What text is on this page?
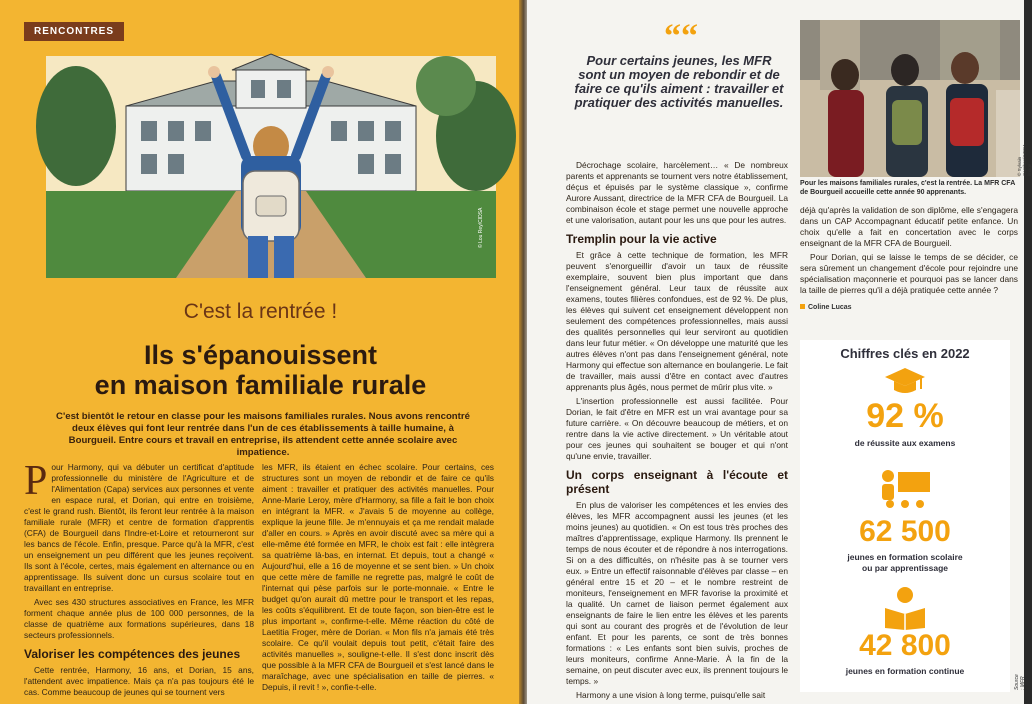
RENCONTRES
© Lou Rey/CIDSA
C'est la rentrée !
Ils s'épanouissent
en maison familiale rurale
C'est bientôt le retour en classe pour les maisons familiales rurales. Nous avons rencontré deux élèves qui font leur rentrée dans l'un de ces établissements à taille humaine, à Bourgueil. Entre cours et travail en entreprise, ils attendent cette année scolaire avec impatience.

Pour Harmony, qui va débuter un certificat d'aptitude professionnelle du ministère de l'Agriculture et de l'Alimentation (Capa) services aux personnes et vente en espace rural, et Dorian, qui entre en troisième, c'est le grand rush. Bientôt, ils feront leur rentrée à la maison familiale rurale (MFR) et centre de formation d'apprentis (CFA) de Bourgueil dans l'Indre-et-Loire et retourneront sur les bancs de l'école. Enfin, presque. Parce qu'à la MFR, c'est un enseignement un peu différent que les jeunes reçoivent. Ils sont à l'école, certes, mais également en alternance ou en apprentissage. Ils suivent donc un cursus scolaire tout en travaillant en entreprise.

Avec ses 430 structures associatives en France, les MFR forment chaque année plus de 100 000 personnes, de la classe de quatrième aux formations supérieures, dans 18 secteurs professionnels.

Valoriser les compétences des jeunes

Cette rentrée, Harmony, 16 ans, et Dorian, 15 ans, l'attendent avec impatience. Mais ça n'a pas toujours été le cas. Comme beaucoup de jeunes qui se tournent vers

les MFR, ils étaient en échec scolaire. Pour certains, ces structures sont un moyen de rebondir et de faire ce qu'ils aiment : travailler et pratiquer des activités manuelles. Pour Anne-Marie Leroy, mère d'Harmony, sa fille a fait le bon choix en intégrant la MFR. « J'avais 5 de moyenne au collège, explique la jeune fille. Je m'ennuyais et ça me rendait malade d'aller en cours. » Après en avoir discuté avec sa mère qui a elle-même été formée en MFR, le choix est fait : elle intègrera sa quatrième là-bas, en internat. Et depuis, tout a changé « Aujourd'hui, elle a 16 de moyenne et se sent bien. » Un choix que cette mère de famille ne regrette pas, malgré le coût de l'internat qui pèse parfois sur le porte-monnaie. « Entre le budget qu'on aurait dû mettre pour le transport et les repas, les coûts s'équilibrent. Et de toute façon, son bien-être est le plus important », confirme-t-elle. Même réaction du côté de Laetitia Froger, mère de Dorian. « Mon fils n'a jamais été très scolaire. Ce qu'il voulait depuis tout petit, c'était faire des activités manuelles », souligne-t-elle. Il s'est donc inscrit dès que possible à la MFR CFA de Bourgueil et s'est lancé dans le maraîchage, avec une spécialisation en taille de pierres. « Depuis, il revit ! », confie-t-elle.

““
Pour certains jeunes, les MFR sont un moyen de rebondir et de faire ce qu'ils aiment : travailler et pratiquer des activités manuelles.

Décrochage scolaire, harcèlement… « De nombreux parents et apprenants se tournent vers notre établissement, déçus et épuisés par le système classique », confirme Aurore Aussant, directrice de la MFR CFA de Bourgueil. La combinaison école et stage permet une nouvelle approche et une valorisation, autant pour les uns que pour les autres.

Tremplin pour la vie active

Et grâce à cette technique de formation, les MFR peuvent s'enorgueillir d'avoir un taux de réussite exemplaire, souvent bien plus important que dans l'enseignement général. Leur taux de réussite aux examens, toutes filières confondues, est de 92 %. De plus, les élèves qui suivent cet enseignement développent non seulement des compétences professionnelles, mais aussi des qualités personnelles qui leur serviront au quotidien dans leur futur métier. « On développe une maturité que les autres élèves n'ont pas dans l'enseignement général, note Harmony qui effectue son alternance en boulangerie. Le fait de travailler, mais aussi d'être en contact avec d'autres apprenants plus âgés, nous permet de mûrir plus vite. »

L'insertion professionnelle est aussi facilitée. Pour Dorian, le fait d'être en MFR est un vrai avantage pour sa future carrière. « On découvre beaucoup de métiers, et on rentre dans la vie active directement. » Un véritable atout pour ces jeunes qui souhaitent se bouger et qui n'ont qu'une envie, travailler.

Un corps enseignant à l'écoute et présent

En plus de valoriser les compétences et les envies des élèves, les MFR accompagnent aussi les jeunes (et les moins jeunes) au quotidien. « On est tous très proches des maîtres d'apprentissage, explique Harmony. Ils prennent le temps de nous écouter et de répondre à nos interrogations. Si on a des difficultés, on n'hésite pas à se tourner vers eux. » Entre un effectif raisonnable d'élèves par classe – en général entre 15 et 20 – et le nombre restreint de moniteurs, l'enseignement en MFR favorise la proximité et la qualité. Un carnet de liaison permet également aux enseignants de faire le lien entre les élèves et les parents qui sont au courant des progrès et de l'évolution de leur enfant. Et pour les parents, ce sont de très bonnes formations : « Les enfants sont bien suivis, proches de leurs moniteurs, confirme Anne-Marie. À la fin de la semaine, on peut discuter avec eux, ils prennent toujours le temps. »

Harmony a une vision à long terme, puisqu'elle sait

© Sylvain Cambon/CIDSA image
Pour les maisons familiales rurales, c'est la rentrée. La MFR CFA de Bourgueil accueille cette année 90 apprenants.

déjà qu'après la validation de son diplôme, elle s'engagera dans un CAP Accompagnant éducatif petite enfance. Un choix qu'elle a fait en concertation avec le corps enseignant de la MFR CFA de Bourgueil.

Pour Dorian, qui se laisse le temps de se décider, ce sera sûrement un changement d'école pour rejoindre une spécialisation maçonnerie et pourquoi pas se lancer dans la taille de pierres qu'il a déjà pratiquée cette année ?

Coline Lucas
Chiffres clés en 2022
92 %
de réussite aux examens
62 500
jeunes en formation scolaire
ou par apprentissage
42 800
jeunes en formation continue
Source : MFR
